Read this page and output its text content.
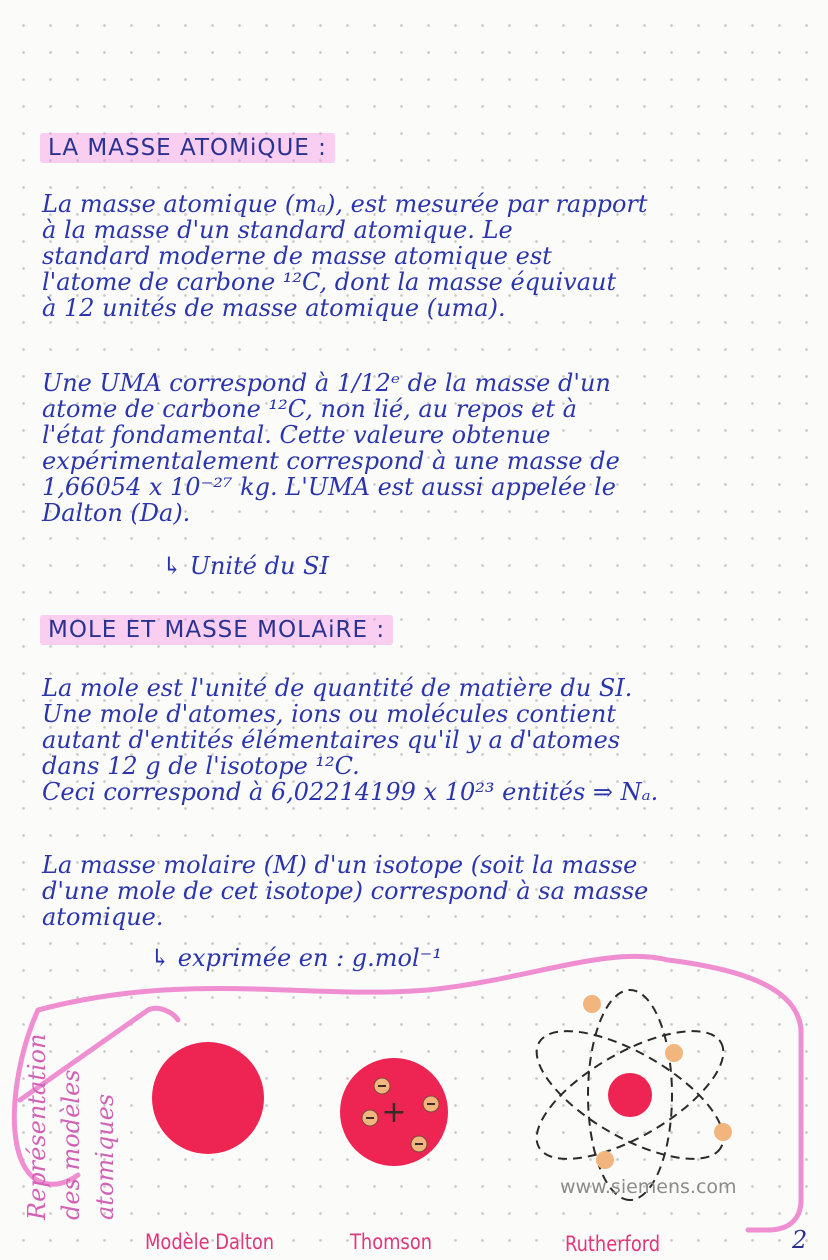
LA MASSE ATOMiQUE :
La masse atomique (mₐ), est mesurée par rapport
à la masse d'un standard atomique. Le
standard moderne de masse atomique est
l'atome de carbone ¹²C, dont la masse équivaut
à 12 unités de masse atomique (uma).
Une UMA correspond à 1/12ᵉ de la masse d'un
atome de carbone ¹²C, non lié, au repos et à
l'état fondamental. Cette valeure obtenue
expérimentalement correspond à une masse de
1,66054 x 10⁻²⁷ kg. L'UMA est aussi appelée le
Dalton (Da).
↳ Unité du SI
MOLE ET MASSE MOLAiRE :
La mole est l'unité de quantité de matière du SI.
Une mole d'atomes, ions ou molécules contient
autant d'entités élémentaires qu'il y a d'atomes
dans 12 g de l'isotope ¹²C.
Ceci correspond à 6,02214199 x 10²³ entités ⇒ Nₐ.
La masse molaire (M) d'un isotope (soit la masse
d'une mole de cet isotope) correspond à sa masse
atomique.
↳ exprimée en : g.mol⁻¹
Représentation des modèles atomiques	+
Modèle Dalton	Thomson	Rutherford
www.siemens.com
2
